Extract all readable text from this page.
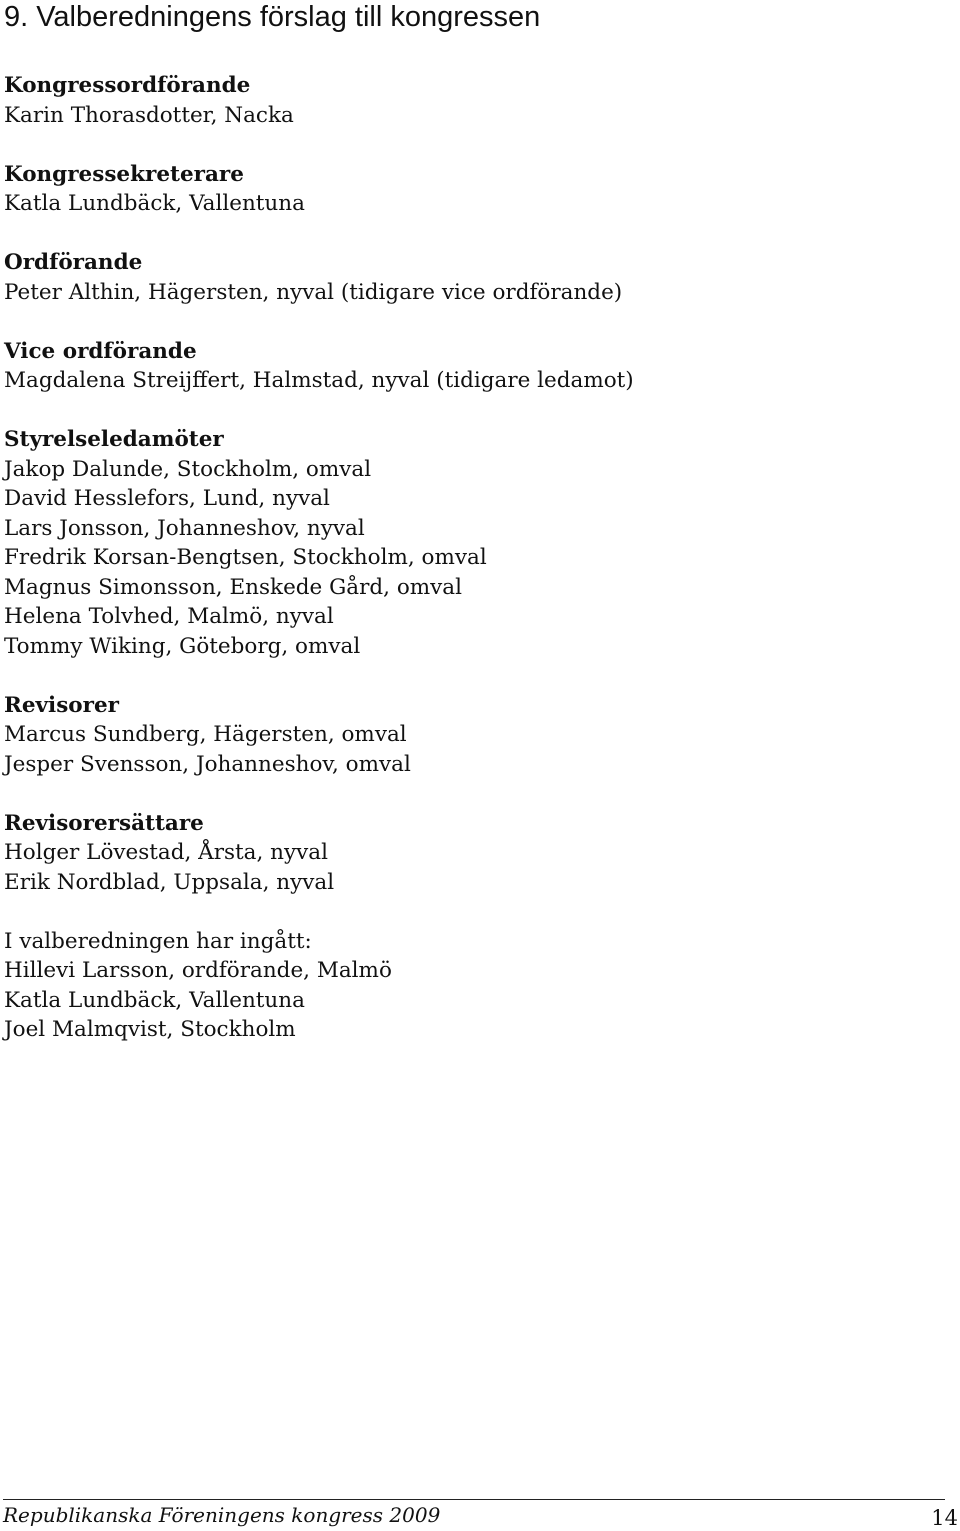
9. Valberedningens förslag till kongressen
Kongressordförande
Karin Thorasdotter, Nacka
Kongressekreterare
Katla Lundbäck, Vallentuna
Ordförande
Peter Althin, Hägersten, nyval (tidigare vice ordförande)
Vice ordförande
Magdalena Streijffert, Halmstad, nyval (tidigare ledamot)
Styrelseledamöter
Jakop Dalunde, Stockholm, omval
David Hesslefors, Lund, nyval
Lars Jonsson, Johanneshov, nyval
Fredrik Korsan-Bengtsen, Stockholm, omval
Magnus Simonsson, Enskede Gård, omval
Helena Tolvhed, Malmö, nyval
Tommy Wiking, Göteborg, omval
Revisorer
Marcus Sundberg, Hägersten, omval
Jesper Svensson, Johanneshov, omval
Revisorersättare
Holger Lövestad, Årsta, nyval
Erik Nordblad, Uppsala, nyval
I valberedningen har ingått:
Hillevi Larsson, ordförande, Malmö
Katla Lundbäck, Vallentuna
Joel Malmqvist, Stockholm
Republikanska Föreningens kongress 2009	14
